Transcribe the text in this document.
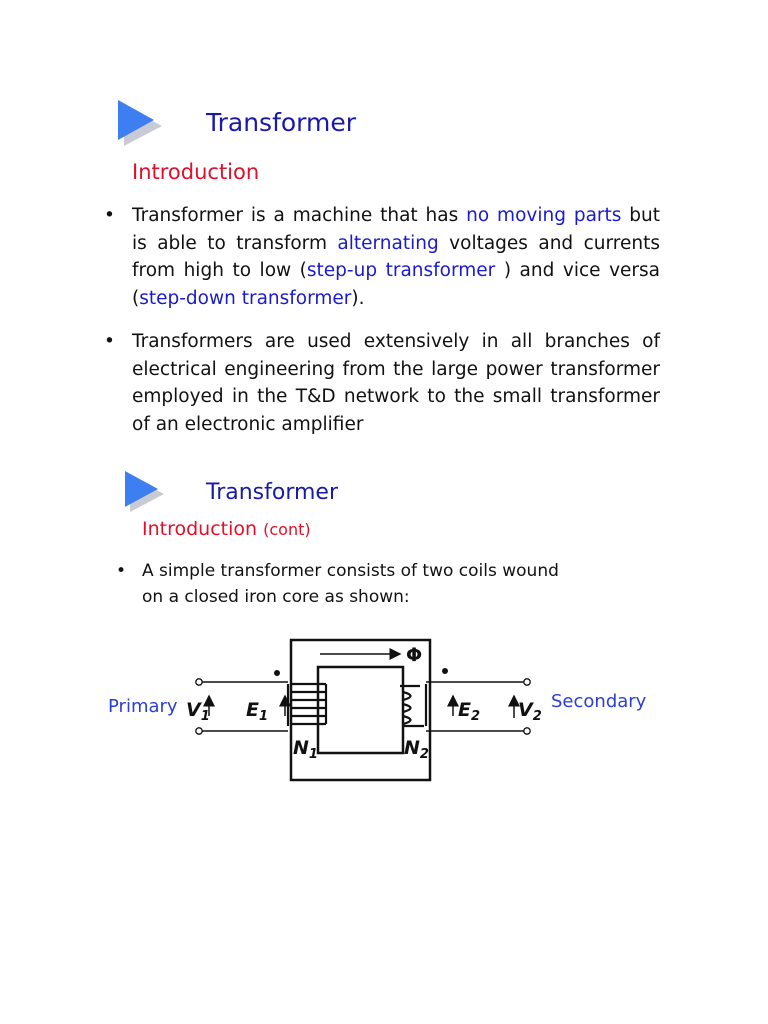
Transformer
Introduction
• Transformer is a machine that has no moving parts but is able to transform alternating voltages and currents from high to low (step-up transformer ) and vice versa (step-down transformer).
• Transformers are used extensively in all branches of electrical engineering from the large power transformer employed in the T&D network to the small transformer of an electronic amplifier
Transformer
Introduction (cont)
• A simple transformer consists of two coils wound
on a closed iron core as shown:
Primary	Secondary
Φ
$V_1$ $E_1$	$E_2$ $V_2$
$N_1$	$N_2$
